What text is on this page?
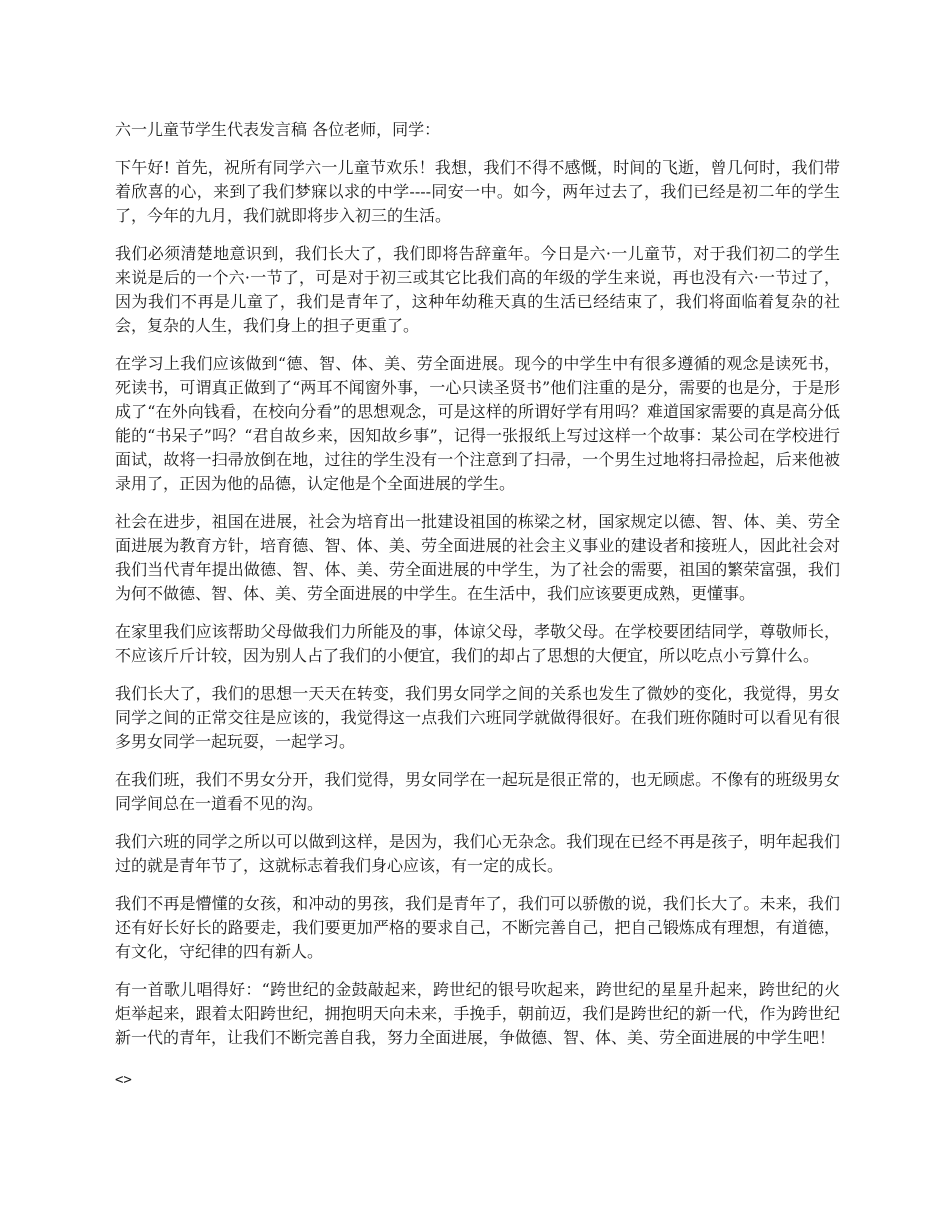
六一儿童节学生代表发言稿 各位老师，同学：

下午好! 首先，祝所有同学六一儿童节欢乐！我想，我们不得不感慨，时间的飞逝，曾几何时，我们带着欣喜的心，来到了我们梦寐以求的中学----同安一中。如今，两年过去了，我们已经是初二年的学生了，今年的九月，我们就即将步入初三的生活。

我们必须清楚地意识到，我们长大了，我们即将告辞童年。今日是六·一儿童节，对于我们初二的学生来说是后的一个六·一节了，可是对于初三或其它比我们高的年级的学生来说，再也没有六·一节过了，因为我们不再是儿童了，我们是青年了，这种年幼稚天真的生活已经结束了，我们将面临着复杂的社会，复杂的人生，我们身上的担子更重了。

在学习上我们应该做到“德、智、体、美、劳全面进展。现今的中学生中有很多遵循的观念是读死书，死读书，可谓真正做到了“两耳不闻窗外事，一心只读圣贤书”他们注重的是分，需要的也是分，于是形成了“在外向钱看，在校向分看”的思想观念，可是这样的所谓好学有用吗？难道国家需要的真是高分低能的“书呆子”吗？“君自故乡来，因知故乡事”，记得一张报纸上写过这样一个故事：某公司在学校进行面试，故将一扫帚放倒在地，过往的学生没有一个注意到了扫帚，一个男生过地将扫帚捡起，后来他被录用了，正因为他的品德，认定他是个全面进展的学生。

社会在进步，祖国在进展，社会为培育出一批建设祖国的栋梁之材，国家规定以德、智、体、美、劳全面进展为教育方针，培育德、智、体、美、劳全面进展的社会主义事业的建设者和接班人，因此社会对我们当代青年提出做德、智、体、美、劳全面进展的中学生，为了社会的需要，祖国的繁荣富强，我们为何不做德、智、体、美、劳全面进展的中学生。在生活中，我们应该要更成熟，更懂事。

在家里我们应该帮助父母做我们力所能及的事，体谅父母，孝敬父母。在学校要团结同学，尊敬师长，不应该斤斤计较，因为别人占了我们的小便宜，我们的却占了思想的大便宜，所以吃点小亏算什么。

我们长大了，我们的思想一天天在转变，我们男女同学之间的关系也发生了微妙的变化，我觉得，男女同学之间的正常交往是应该的，我觉得这一点我们六班同学就做得很好。在我们班你随时可以看见有很多男女同学一起玩耍，一起学习。

在我们班，我们不男女分开，我们觉得，男女同学在一起玩是很正常的，也无顾虑。不像有的班级男女同学间总在一道看不见的沟。

我们六班的同学之所以可以做到这样，是因为，我们心无杂念。我们现在已经不再是孩子，明年起我们过的就是青年节了，这就标志着我们身心应该，有一定的成长。

我们不再是懵懂的女孩，和冲动的男孩，我们是青年了，我们可以骄傲的说，我们长大了。未来，我们还有好长好长的路要走，我们要更加严格的要求自己，不断完善自己，把自己锻炼成有理想，有道德，有文化，守纪律的四有新人。

有一首歌儿唱得好：“跨世纪的金鼓敲起来，跨世纪的银号吹起来，跨世纪的星星升起来，跨世纪的火炬举起来，跟着太阳跨世纪，拥抱明天向未来，手挽手，朝前迈，我们是跨世纪的新一代，作为跨世纪新一代的青年，让我们不断完善自我，努力全面进展，争做德、智、体、美、劳全面进展的中学生吧！

<>
